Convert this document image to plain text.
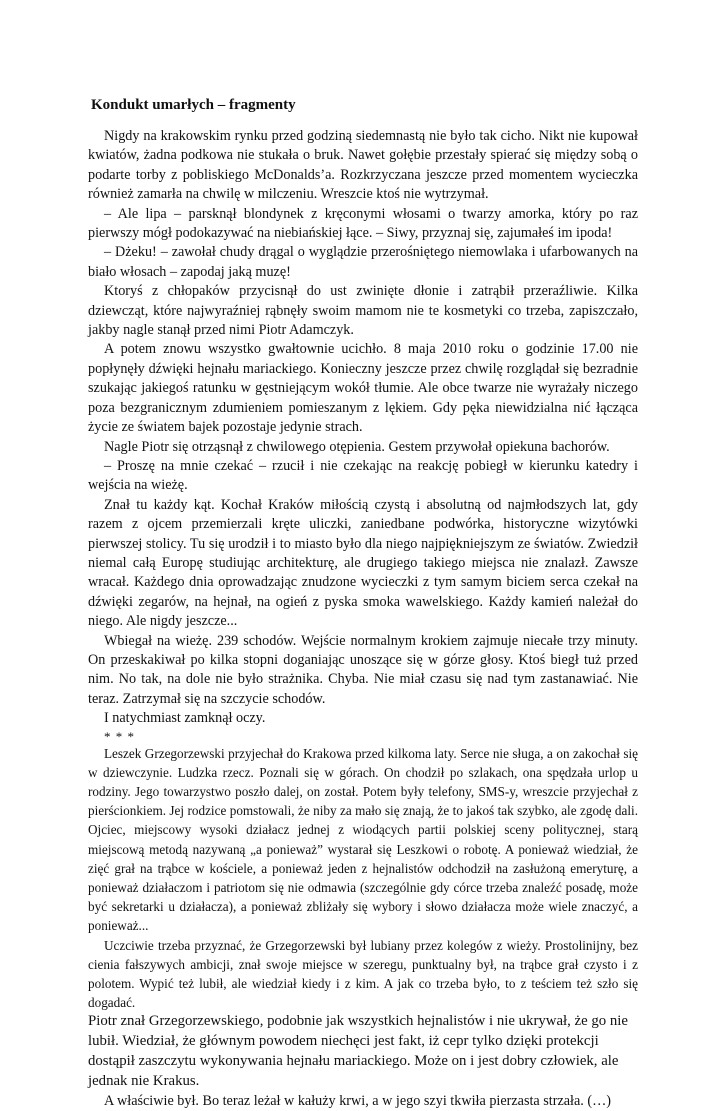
Kondukt umarłych – fragmenty

Nigdy na krakowskim rynku przed godziną siedemnastą nie było tak cicho. Nikt nie kupował kwiatów, żadna podkowa nie stukała o bruk. Nawet gołębie przestały spierać się między sobą o podarte torby z pobliskiego McDonalds’a. Rozkrzyczana jeszcze przed momentem wycieczka również zamarła na chwilę w milczeniu. Wreszcie ktoś nie wytrzymał.

– Ale lipa – parsknął blondynek z kręconymi włosami o twarzy amorka, który po raz pierwszy mógł podokazywać na niebiańskiej łące. – Siwy, przyznaj się, zajumałeś im ipoda!

– Dżeku! – zawołał chudy drągal o wyglądzie przerośniętego niemowlaka i ufarbowanych na biało włosach – zapodaj jaką muzę!

Ktoryś z chłopaków przycisnął do ust zwinięte dłonie i zatrąbił przeraźliwie. Kilka dziewcząt, które najwyraźniej rąbnęły swoim mamom nie te kosmetyki co trzeba, zapiszczało, jakby nagle stanął przed nimi Piotr Adamczyk.

A potem znowu wszystko gwałtownie ucichło. 8 maja 2010 roku o godzinie 17.00 nie popłynęły dźwięki hejnału mariackiego. Konieczny jeszcze przez chwilę rozglądał się bezradnie szukając jakiegoś ratunku w gęstniejącym wokół tłumie. Ale obce twarze nie wyrażały niczego poza bezgranicznym zdumieniem pomieszanym z lękiem. Gdy pęka niewidzialna nić łącząca życie ze światem bajek pozostaje jedynie strach.

Nagle Piotr się otrząsnął z chwilowego otępienia. Gestem przywołał opiekuna bachorów.

– Proszę na mnie czekać – rzucił i nie czekając na reakcję pobiegł w kierunku katedry i wejścia na wieżę.

Znał tu każdy kąt. Kochał Kraków miłością czystą i absolutną od najmłodszych lat, gdy razem z ojcem przemierzali kręte uliczki, zaniedbane podwórka, historyczne wizytówki pierwszej stolicy. Tu się urodził i to miasto było dla niego najpiękniejszym ze światów. Zwiedził niemal całą Europę studiując architekturę, ale drugiego takiego miejsca nie znalazł. Zawsze wracał. Każdego dnia oprowadzając znudzone wycieczki z tym samym biciem serca czekał na dźwięki zegarów, na hejnał, na ogień z pyska smoka wawelskiego. Każdy kamień należał do niego. Ale nigdy jeszcze...

Wbiegał na wieżę. 239 schodów. Wejście normalnym krokiem zajmuje niecałe trzy minuty. On przeskakiwał po kilka stopni doganiając unoszące się w górze głosy. Ktoś biegł tuż przed nim. No tak, na dole nie było strażnika. Chyba. Nie miał czasu się nad tym zastanawiać. Nie teraz. Zatrzymał się na szczycie schodów.

I natychmiast zamknął oczy.

* * *

Leszek Grzegorzewski przyjechał do Krakowa przed kilkoma laty. Serce nie sługa, a on zakochał się w dziewczynie. Ludzka rzecz. Poznali się w górach. On chodził po szlakach, ona spędzała urlop u rodziny. Jego towarzystwo poszło dalej, on został. Potem były telefony, SMS-y, wreszcie przyjechał z pierścionkiem. Jej rodzice pomstowali, że niby za mało się znają, że to jakoś tak szybko, ale zgodę dali. Ojciec, miejscowy wysoki działacz jednej z wiodących partii polskiej sceny politycznej, starą miejscową metodą nazywaną „a ponieważ” wystarał się Leszkowi o robotę. A ponieważ wiedział, że zięć grał na trąbce w kościele, a ponieważ jeden z hejnalistów odchodził na zasłużoną emeryturę, a ponieważ działaczom i patriotom się nie odmawia (szczególnie gdy córce trzeba znaleźć posadę, może być sekretarki u działacza), a ponieważ zbliżały się wybory i słowo działacza może wiele znaczyć, a ponieważ...

Uczciwie trzeba przyznać, że Grzegorzewski był lubiany przez kolegów z wieży. Prostolinijny, bez cienia fałszywych ambicji, znał swoje miejsce w szeregu, punktualny był, na trąbce grał czysto i z polotem. Wypić też lubił, ale wiedział kiedy i z kim. A jak co trzeba było, to z teściem też szło się dogadać.

Piotr znał Grzegorzewskiego, podobnie jak wszystkich hejnalistów i nie ukrywał, że go nie lubił. Wiedział, że głównym powodem niechęci jest fakt, iż cepr tylko dzięki protekcji dostąpił zaszczytu wykonywania hejnału mariackiego. Może on i jest dobry człowiek, ale jednak nie Krakus.

A właściwie był. Bo teraz leżał w kałuży krwi, a w jego szyi tkwiła pierzasta strzała. (…)
